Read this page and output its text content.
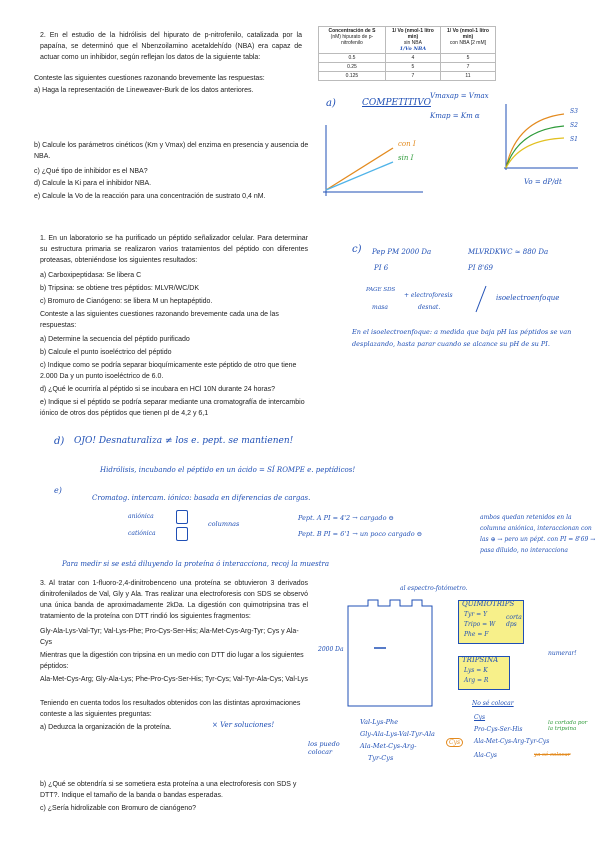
2. En el estudio de la hidrólisis del hipurato de p-nitrofenilo, catalizada por la papaína, se determinó que el Nbenzoilamino acetaldehído (NBA) era capaz de actuar como un inhibidor, según reflejan los datos de la siguiente tabla:
Conteste las siguientes cuestiones razonando brevemente las respuestas:
a) Haga la representación de Lineweaver-Burk de los datos anteriores.
Concentración de S
(nM) hipurato de p-nitrofenilo	1/ Vo (nmol-1 litro min)
sin NBA
1/Vo NBA	1/ Vo (nmol-1 litro min)
con NBA [2 mM]
0.5	4	5
0.25	5	7
0.125	7	11
a)	COMPETITIVO
Vmaxap = Vmax
Kmap = Km α
con I
sin I
S3
S2
S1
Vo = dP/dt
b) Calcule los parámetros cinéticos (Km y Vmax) del enzima en presencia y ausencia de NBA.
c) ¿Qué tipo de inhibidor es el NBA?
d) Calcule la Ki para el inhibidor NBA.
e) Calcule la Vo de la reacción para una concentración de sustrato 0,4 nM.
1. En un laboratorio se ha purificado un péptido señalizador celular. Para determinar su estructura primaria se realizaron varios tratamientos del péptido con diferentes proteasas, obteniéndose los siguientes resultados:
a) Carboxipeptidasa: Se libera C
b) Tripsina: se obtiene tres péptidos: MLVR/WC/DK
c) Bromuro de Cianógeno: se libera M un heptapéptido.
Conteste a las siguientes cuestiones razonando brevemente cada una de las respuestas:
a) Determine la secuencia del péptido purificado
b) Calcule el punto isoeléctrico del péptido
c) Indique como se podría separar bioquímicamente este péptido de otro que tiene 2.000 Da y un punto isoeléctrico de 6.0.
d) ¿Qué le ocurriría al péptido si se incubara en HCl 10N durante 24 horas?
e) Indique si el péptido se podría separar mediante una cromatografía de intercambio iónico de otros dos péptidos que tienen pI de 4,2 y 6,1
c) Pep PM 2000 Da
PI 6
MLVRDKWC ≈ 880 Da
PI 8'69
PAGE SDS
masa
+ electroforesis
desnat.
isoelectroenfoque
En el isoelectroenfoque: a medida que baja pH las péptidos se van desplazando, hasta parar cuando se alcance su pH de su PI.
d) OJO! Desnaturaliza ≠ los e. pept. se mantienen!
Hidrólisis, incubando el péptido en un ácido = SÍ ROMPE e. peptídicos!
e)
Cromatog. intercam. iónico: basada en diferencias de cargas.
aniónica
catiónica
columnas
Pept. A PI = 4'2 → cargado ⊖
Pept. B PI = 6'1 → un poco cargado ⊖
ambos quedan retenidos en la columna aniónica, interaccionan con las ⊕ → pero un pépt. con PI = 8'69 → pasa diluido, no interacciona
Para medir si se está diluyendo la proteína ó interacciona, recoj la muestra
al espectro-fotómetro.
3. Al tratar con 1-fluoro-2,4-dinitrobenceno una proteína se obtuvieron 3 derivados dinitrofenilados de Val, Gly y Ala. Tras realizar una electroforesis con SDS se observó una única banda de aproximadamente 2kDa. La digestión con quimotripsina tras el tratamiento de la proteína con DTT rindió los siguientes fragmentos:
Gly-Ala-Lys-Val-Tyr; Val-Lys-Phe; Pro-Cys-Ser-His; Ala-Met-Cys-Arg-Tyr; Cys y Ala-Cys
Mientras que la digestión con tripsina en un medio con DTT dio lugar a los siguientes péptidos:
Ala-Met-Cys-Arg; Gly-Ala-Lys; Phe-Pro-Cys-Ser-His; Tyr-Cys; Val-Tyr-Ala-Cys; Val-Lys
Teniendo en cuenta todos los resultados obtenidos con las distintas aproximaciones conteste a las siguientes preguntas:
a) Deduzca la organización de la proteína.	× Ver soluciones!
b) ¿Qué se obtendría si se sometiera esta proteína a una electroforesis con SDS y DTT?. Indique el tamaño de la banda o bandas esperadas.
c) ¿Sería hidrolizable con Bromuro de cianógeno?
2000 Da
QUIMIOTRIPS
Tyr = Y
Tripo = W
Phe = F
corta dps
TRIPSINA
Lys = K
Arg = R
numerar!
No sé colocar
Cys
Pro-Cys-Ser-His
Ala-Met-Cys-Arg-Tyr-Cys
Ala-Cys
la cortada por la tripsina
ya sé colocar
los puedo colocar
Val-Lys-Phe
Gly-Ala-Lys-Val-Tyr-Ala
Ala-Met-Cys-Arg-
Tyr-Cys
Cys
